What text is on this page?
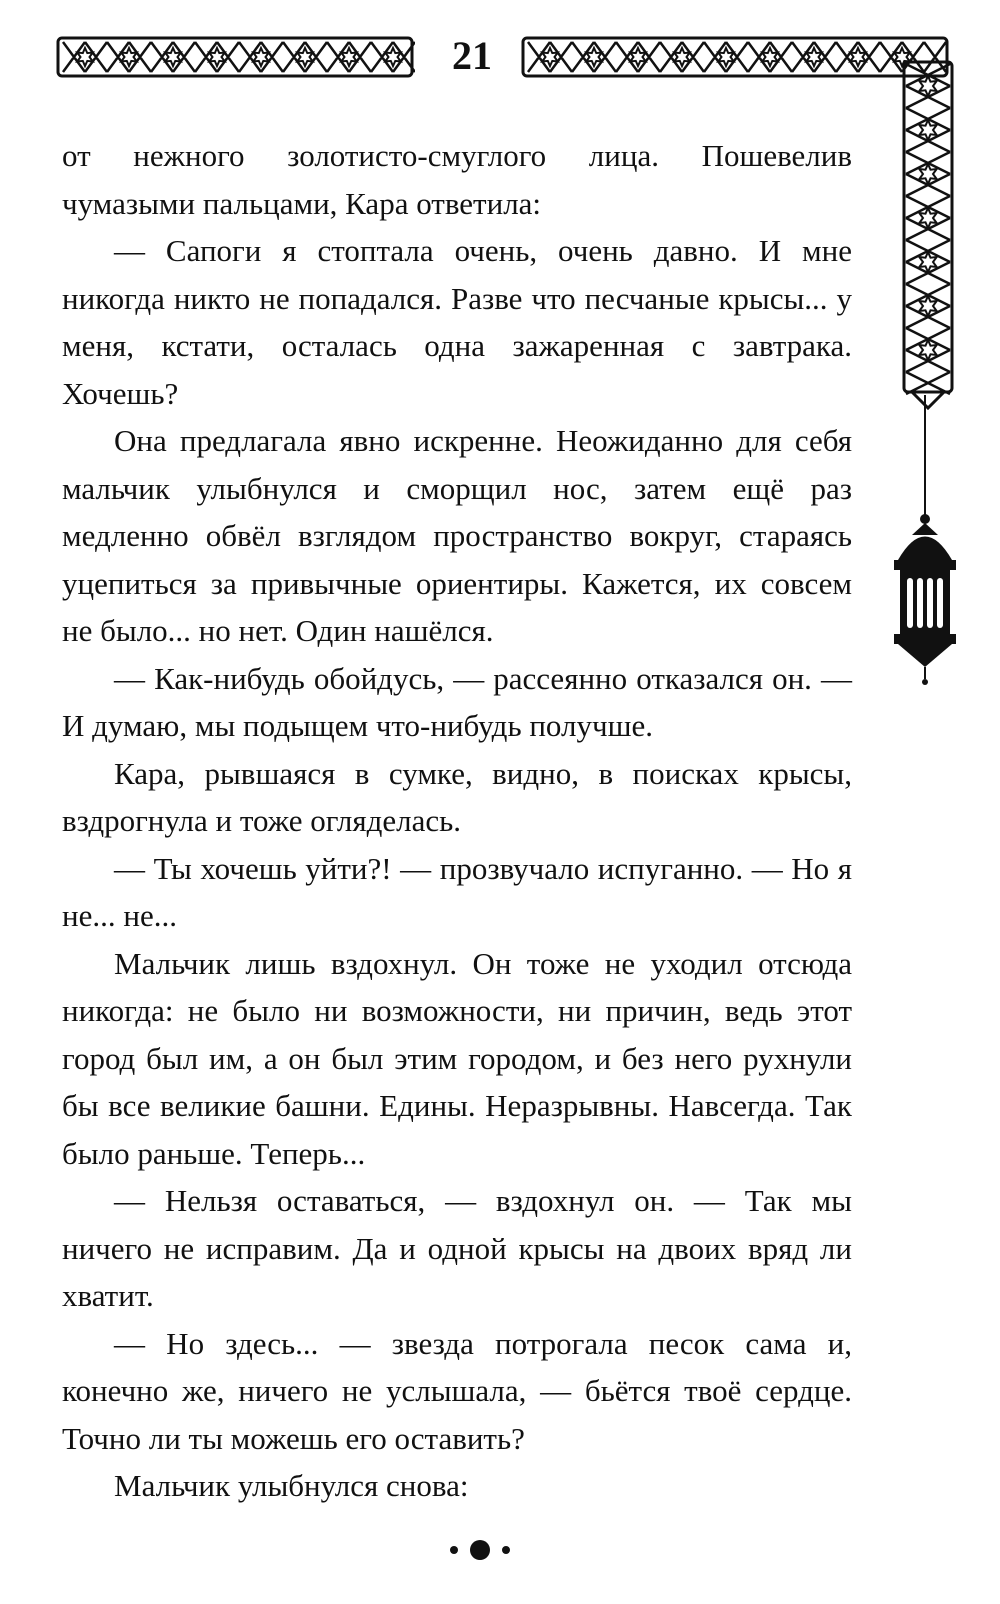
21

от нежного золотисто-смуглого лица. Пошевелив чумазыми пальцами, Кара ответила:

— Сапоги я стоптала очень, очень давно. И мне никогда никто не попадался. Разве что песчаные крысы... у меня, кстати, осталась одна зажаренная с завтрака. Хочешь?

Она предлагала явно искренне. Неожиданно для себя мальчик улыбнулся и сморщил нос, затем ещё раз медленно обвёл взглядом пространство вокруг, стараясь уцепиться за привычные ориентиры. Кажется, их совсем не было... но нет. Один нашёлся.

— Как-нибудь обойдусь, — рассеянно отказался он. — И думаю, мы подыщем что-нибудь получше.

Кара, рывшаяся в сумке, видно, в поисках крысы, вздрогнула и тоже огляделась.

— Ты хочешь уйти?! — прозвучало испуганно. — Но я не... не...

Мальчик лишь вздохнул. Он тоже не уходил отсюда никогда: не было ни возможности, ни причин, ведь этот город был им, а он был этим городом, и без него рухнули бы все великие башни. Едины. Неразрывны. Навсегда. Так было раньше. Теперь...

— Нельзя оставаться, — вздохнул он. — Так мы ничего не исправим. Да и одной крысы на двоих вряд ли хватит.

— Но здесь... — звезда потрогала песок сама и, конечно же, ничего не услышала, — бьётся твоё сердце. Точно ли ты можешь его оставить?

Мальчик улыбнулся снова:
